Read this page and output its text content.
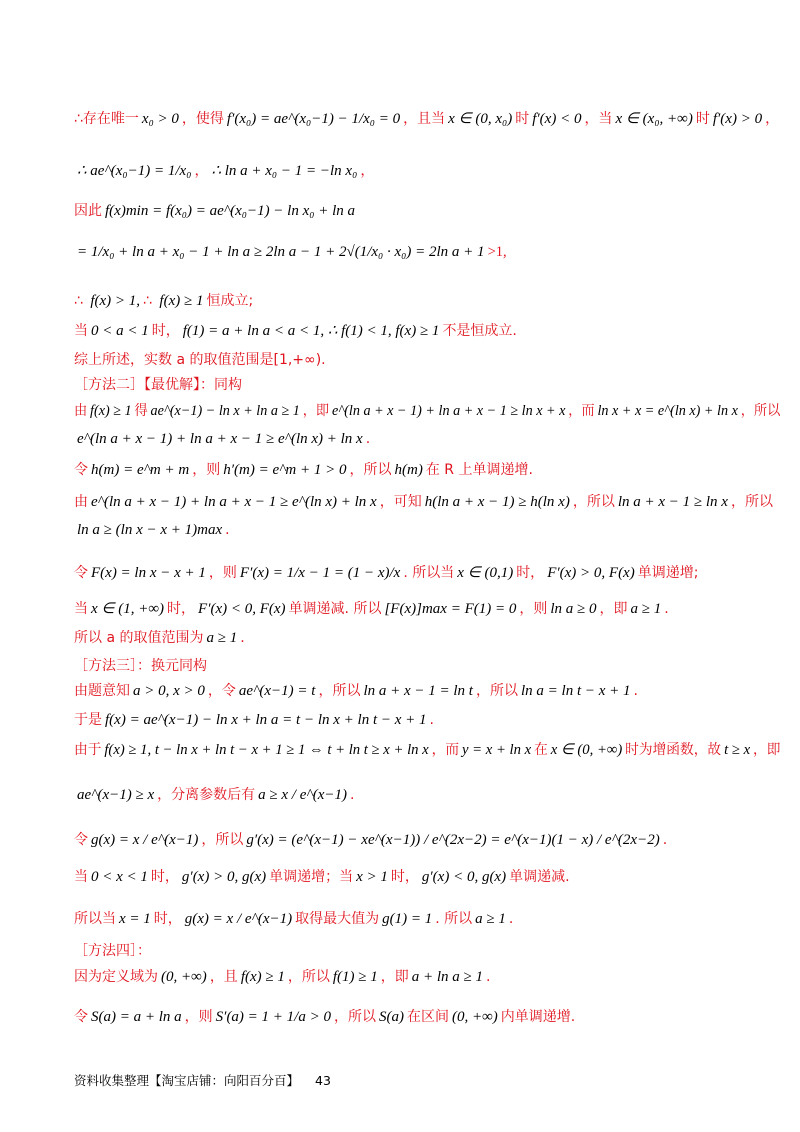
∴存在唯一 x₀ > 0 ，使得 f′(x₀) = ae^(x₀−1) − 1/x₀ = 0 ，且当 x ∈ (0, x₀) 时 f′(x) < 0 ，当 x ∈ (x₀, +∞) 时 f′(x) > 0 ，
∴ ae^(x₀−1) = 1/x₀ ， ∴ ln a + x₀ − 1 = −ln x₀ ，
因此 f(x)min = f(x₀) = ae^(x₀−1) − ln x₀ + ln a
= 1/x₀ + ln a + x₀ − 1 + ln a ≥ 2ln a − 1 + 2√(1/x₀ · x₀) = 2ln a + 1 >1,
∴ f(x) > 1, ∴ f(x) ≥ 1 恒成立;
当 0 < a < 1 时， f(1) = a + ln a < a < 1, ∴ f(1) < 1, f(x) ≥ 1 不是恒成立.
综上所述，实数 a 的取值范围是[1,+∞).
［方法二］【最优解】：同构
由 f(x) ≥ 1 得 ae^(x−1) − ln x + ln a ≥ 1 ，即 e^(ln a + x − 1) + ln a + x − 1 ≥ ln x + x ，而 ln x + x = e^(ln x) + ln x ，所以
e^(ln a + x − 1) + ln a + x − 1 ≥ e^(ln x) + ln x .
令 h(m) = e^m + m ，则 h′(m) = e^m + 1 > 0 ，所以 h(m) 在 R 上单调递增.
由 e^(ln a + x − 1) + ln a + x − 1 ≥ e^(ln x) + ln x ，可知 h(ln a + x − 1) ≥ h(ln x) ，所以 ln a + x − 1 ≥ ln x ，所以
ln a ≥ (ln x − x + 1)max .
令 F(x) = ln x − x + 1 ，则 F′(x) = 1/x − 1 = (1 − x)/x . 所以当 x ∈ (0,1) 时， F′(x) > 0, F(x) 单调递增;
当 x ∈ (1, +∞) 时， F′(x) < 0, F(x) 单调递减. 所以 [F(x)]max = F(1) = 0 ，则 ln a ≥ 0 ，即 a ≥ 1 .
所以 a 的取值范围为 a ≥ 1 .
［方法三］：换元同构
由题意知 a > 0, x > 0 ，令 ae^(x−1) = t ，所以 ln a + x − 1 = ln t ，所以 ln a = ln t − x + 1 .
于是 f(x) = ae^(x−1) − ln x + ln a = t − ln x + ln t − x + 1 .
由于 f(x) ≥ 1, t − ln x + ln t − x + 1 ≥ 1 ⇔ t + ln t ≥ x + ln x ，而 y = x + ln x 在 x ∈ (0, +∞) 时为增函数，故 t ≥ x ，即
ae^(x−1) ≥ x ，分离参数后有 a ≥ x / e^(x−1) .
令 g(x) = x / e^(x−1) ，所以 g′(x) = (e^(x−1) − xe^(x−1)) / e^(2x−2) = e^(x−1)(1 − x) / e^(2x−2) .
当 0 < x < 1 时， g′(x) > 0, g(x) 单调递增；当 x > 1 时， g′(x) < 0, g(x) 单调递减.
所以当 x = 1 时， g(x) = x / e^(x−1) 取得最大值为 g(1) = 1 . 所以 a ≥ 1 .
［方法四］：
因为定义域为 (0, +∞) ，且 f(x) ≥ 1 ，所以 f(1) ≥ 1 ，即 a + ln a ≥ 1 .
令 S(a) = a + ln a ，则 S′(a) = 1 + 1/a > 0 ，所以 S(a) 在区间 (0, +∞) 内单调递增.
资料收集整理【淘宝店铺：向阳百分百】 43
